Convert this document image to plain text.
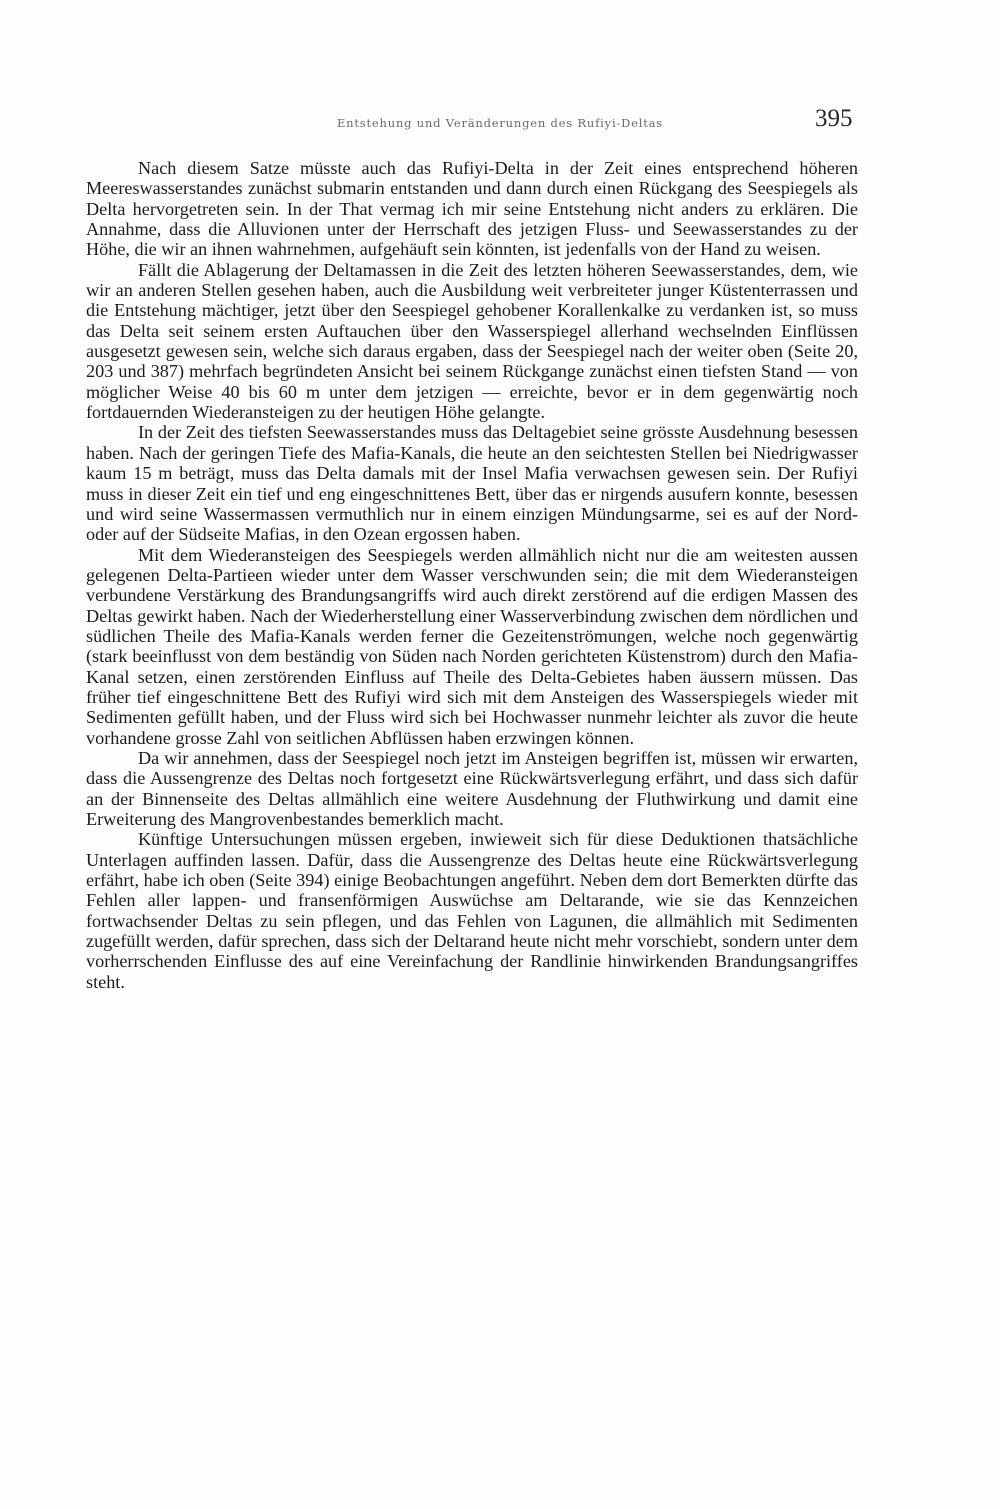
Entstehung und Veränderungen des Rufiyi-Deltas	395

Nach diesem Satze müsste auch das Rufiyi-Delta in der Zeit eines entsprechend höheren Meereswasserstandes zunächst submarin entstanden und dann durch einen Rückgang des Seespiegels als Delta hervorgetreten sein. In der That vermag ich mir seine Entstehung nicht anders zu erklären. Die Annahme, dass die Alluvionen unter der Herrschaft des jetzigen Fluss- und Seewasserstandes zu der Höhe, die wir an ihnen wahrnehmen, aufgehäuft sein könnten, ist jedenfalls von der Hand zu weisen.

Fällt die Ablagerung der Deltamassen in die Zeit des letzten höheren Seewasserstandes, dem, wie wir an anderen Stellen gesehen haben, auch die Ausbildung weit verbreiteter junger Küstenterrassen und die Entstehung mächtiger, jetzt über den Seespiegel gehobener Korallenkalke zu verdanken ist, so muss das Delta seit seinem ersten Auftauchen über den Wasserspiegel allerhand wechselnden Einflüssen ausgesetzt gewesen sein, welche sich daraus ergaben, dass der Seespiegel nach der weiter oben (Seite 20, 203 und 387) mehrfach begründeten Ansicht bei seinem Rückgange zunächst einen tiefsten Stand — von möglicher Weise 40 bis 60 m unter dem jetzigen — erreichte, bevor er in dem gegenwärtig noch fortdauernden Wiederansteigen zu der heutigen Höhe gelangte.

In der Zeit des tiefsten Seewasserstandes muss das Deltagebiet seine grösste Ausdehnung besessen haben. Nach der geringen Tiefe des Mafia-Kanals, die heute an den seichtesten Stellen bei Niedrigwasser kaum 15 m beträgt, muss das Delta damals mit der Insel Mafia verwachsen gewesen sein. Der Rufiyi muss in dieser Zeit ein tief und eng eingeschnittenes Bett, über das er nirgends ausufern konnte, besessen und wird seine Wassermassen vermuthlich nur in einem einzigen Mündungsarme, sei es auf der Nord- oder auf der Südseite Mafias, in den Ozean ergossen haben.

Mit dem Wiederansteigen des Seespiegels werden allmählich nicht nur die am weitesten aussen gelegenen Delta-Partieen wieder unter dem Wasser verschwunden sein; die mit dem Wiederansteigen verbundene Verstärkung des Brandungsangriffs wird auch direkt zerstörend auf die erdigen Massen des Deltas gewirkt haben. Nach der Wiederherstellung einer Wasserverbindung zwischen dem nördlichen und südlichen Theile des Mafia-Kanals werden ferner die Gezeitenströmungen, welche noch gegenwärtig (stark beeinflusst von dem beständig von Süden nach Norden gerichteten Küstenstrom) durch den Mafia-Kanal setzen, einen zerstörenden Einfluss auf Theile des Delta-Gebietes haben äussern müssen. Das früher tief eingeschnittene Bett des Rufiyi wird sich mit dem Ansteigen des Wasserspiegels wieder mit Sedimenten gefüllt haben, und der Fluss wird sich bei Hochwasser nunmehr leichter als zuvor die heute vorhandene grosse Zahl von seitlichen Abflüssen haben erzwingen können.

Da wir annehmen, dass der Seespiegel noch jetzt im Ansteigen begriffen ist, müssen wir erwarten, dass die Aussengrenze des Deltas noch fortgesetzt eine Rückwärtsverlegung erfährt, und dass sich dafür an der Binnenseite des Deltas allmählich eine weitere Ausdehnung der Fluthwirkung und damit eine Erweiterung des Mangrovenbestandes bemerklich macht.

Künftige Untersuchungen müssen ergeben, inwieweit sich für diese Deduktionen thatsächliche Unterlagen auffinden lassen. Dafür, dass die Aussengrenze des Deltas heute eine Rückwärtsverlegung erfährt, habe ich oben (Seite 394) einige Beobachtungen angeführt. Neben dem dort Bemerkten dürfte das Fehlen aller lappen- und fransenförmigen Auswüchse am Deltarande, wie sie das Kennzeichen fortwachsender Deltas zu sein pflegen, und das Fehlen von Lagunen, die allmählich mit Sedimenten zugefüllt werden, dafür sprechen, dass sich der Deltarand heute nicht mehr vorschiebt, sondern unter dem vorherrschenden Einflusse des auf eine Vereinfachung der Randlinie hinwirkenden Brandungsangriffes steht.
